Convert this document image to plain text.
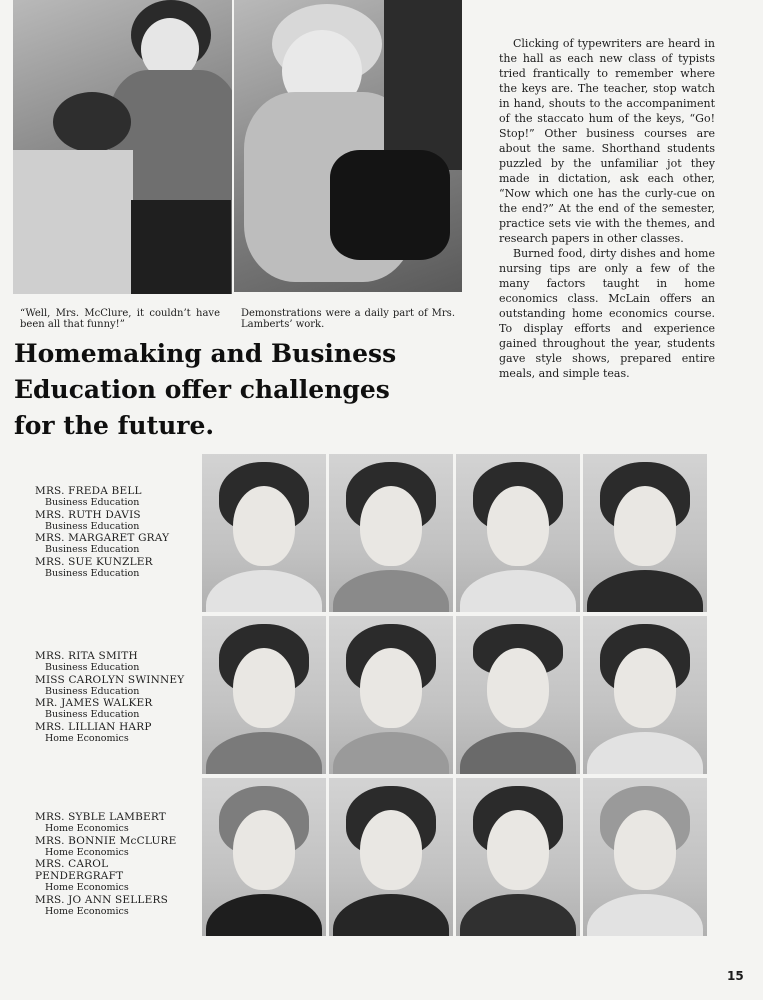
“Well, Mrs. McClure, it couldn’t have been all that funny!”
Demonstrations were a daily part of Mrs. Lamberts’ work.

Clicking of typewriters are heard in the hall as each new class of typists tried frantically to remember where the keys are. The teacher, stop watch in hand, shouts to the accompaniment of the staccato hum of the keys, “Go! Stop!” Other business courses are about the same. Shorthand students puzzled by the unfamiliar jot they made in dictation, ask each other, “Now which one has the curly-cue on the end?” At the end of the semester, practice sets vie with the themes, and research papers in other classes.

Burned food, dirty dishes and home nursing tips are only a few of the many factors taught in home economics class. McLain offers an outstanding home economics course. To display efforts and experience gained throughout the year, students gave style shows, prepared entire meals, and simple teas.

Homemaking and Business
Education offer challenges
for the future.
MRS. FREDA BELL
Business Education
MRS. RUTH DAVIS
Business Education
MRS. MARGARET GRAY
Business Education
MRS. SUE KUNZLER
Business Education
MRS. RITA SMITH
Business Education
MISS CAROLYN SWINNEY
Business Education
MR. JAMES WALKER
Business Education
MRS. LILLIAN HARP
Home Economics
MRS. SYBLE LAMBERT
Home Economics
MRS. BONNIE McCLURE
Home Economics
MRS. CAROL PENDERGRAFT
Home Economics
MRS. JO ANN SELLERS
Home Economics
15
